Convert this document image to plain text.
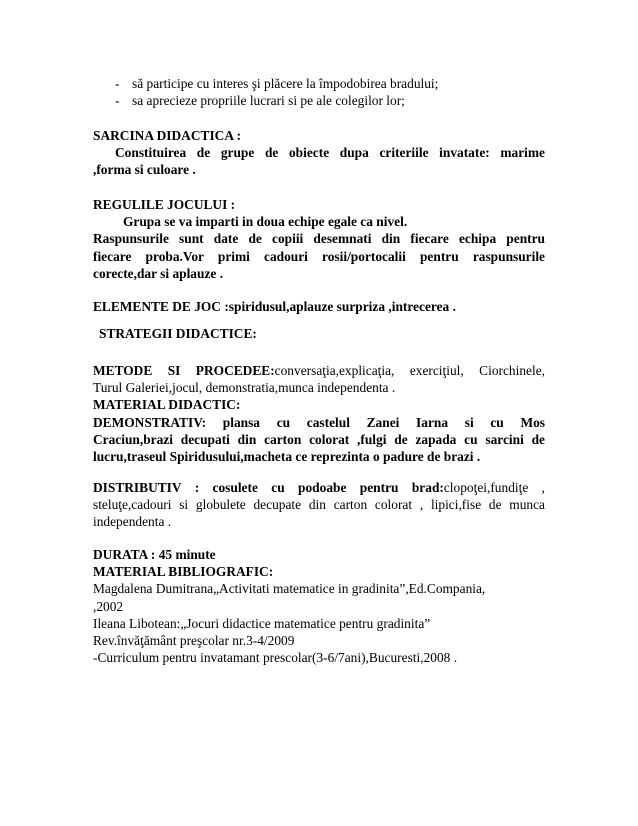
- să participe cu interes şi plăcere la împodobirea bradului;
- sa aprecieze propriile lucrari si pe ale colegilor lor;
SARCINA DIDACTICA :
Constituirea de grupe de obiecte dupa criteriile invatate: marime
,forma si culoare .
REGULILE JOCULUI :
Grupa se va imparti in doua echipe egale ca nivel.
Raspunsurile sunt date de copiii desemnati din fiecare echipa pentru
fiecare proba.Vor primi cadouri rosii/portocalii pentru raspunsurile
corecte,dar si aplauze .
ELEMENTE DE JOC :spiridusul,aplauze surpriza ,intrecerea .
STRATEGII DIDACTICE:
METODE SI PROCEDEE:conversaţia,explicaţia, exerciţiul, Ciorchinele,
Turul Galeriei,jocul, demonstratia,munca independenta .
MATERIAL DIDACTIC:
DEMONSTRATIV: plansa cu castelul Zanei Iarna si cu Mos
Craciun,brazi decupati din carton colorat ,fulgi de zapada cu sarcini de
lucru,traseul Spiridusului,macheta ce reprezinta o padure de brazi .
DISTRIBUTIV : cosulete cu podoabe pentru brad:clopoţei,fundiţe ,
steluţe,cadouri si globulete decupate din carton colorat , lipici,fise de munca
independenta .
DURATA : 45 minute
MATERIAL BIBLIOGRAFIC:
Magdalena Dumitrana„Activitati matematice in gradinita”,Ed.Compania,
,2002
Ileana Libotean:„Jocuri didactice matematice pentru gradinita”
Rev.învăţământ preşcolar nr.3-4/2009
-Curriculum pentru invatamant prescolar(3-6/7ani),Bucuresti,2008 .
